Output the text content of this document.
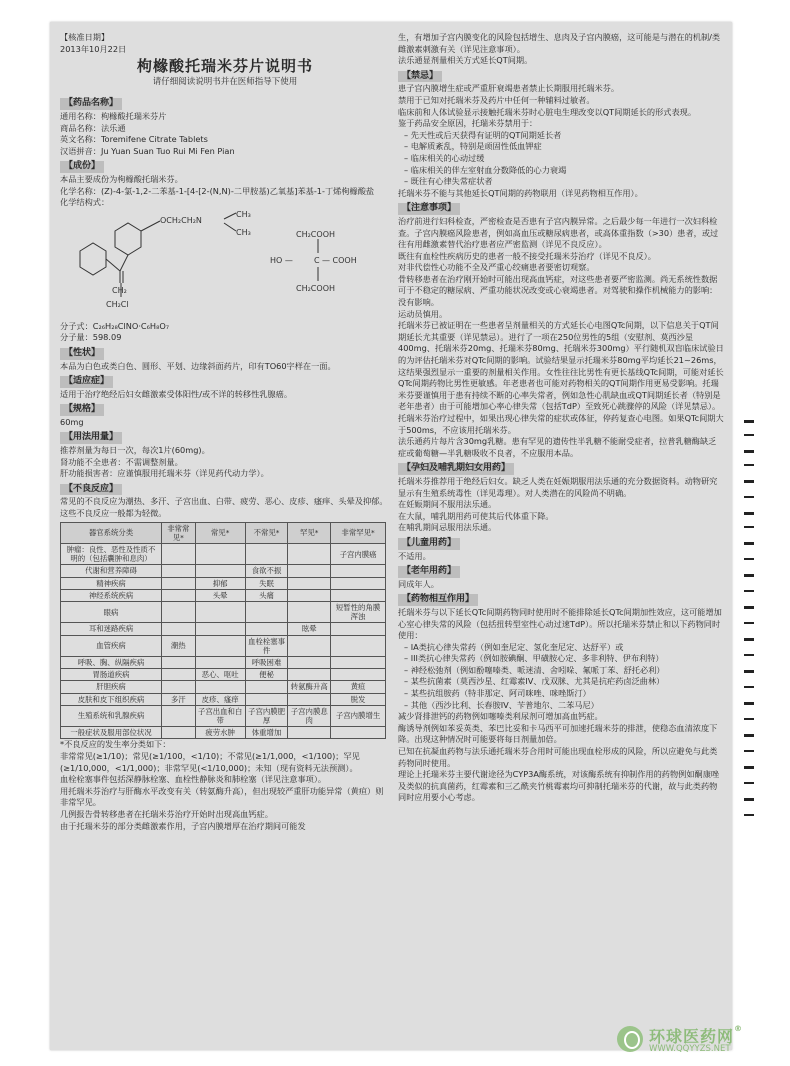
【核准日期】
2013年10月22日
枸橼酸托瑞米芬片说明书
请仔细阅读说明书并在医师指导下使用
【药品名称】
通用名称： 枸橼酸托瑞米芬片
商品名称： 法乐通
英文名称： Toremifene Citrate Tablets
汉语拼音： Ju Yuan Suan Tuo Rui Mi Fen Pian
【成份】
本品主要成份为枸橼酸托瑞米芬。
化学名称： (Z)-4-氯-1,2-二苯基-1-[4-[2-(N,N)-二甲胺基)乙氧基]苯基-1-丁烯枸橼酸盐
化学结构式：
OCH₂CH₂N
CH₃
CH₃
CH₂
CH₂Cl
CH₂COOH
HO —	C — COOH
CH₂COOH
分子式：C₂₆H₂₈ClNO·C₆H₈O₇
分子量：598.09
【性状】
本品为白色或类白色、圆形、平划、边缘斜面药片，印有TO60字样在一面。
【适应症】
适用于治疗绝经后妇女雌激素受体阳性/或不详的转移性乳腺癌。
【规格】
60mg
【用法用量】
推荐剂量为每日一次，每次1片(60mg)。
肾功能不全患者：不需调整剂量。
肝功能损害者：应谨慎服用托瑞米芬（详见药代动力学）。
【不良反应】
常见的不良反应为潮热、多汗、子宫出血、白带、疲劳、恶心、皮疹、瘙痒、头晕及抑郁。这些不良反应一般都为轻微。
器官系统分类	非常常见*	常见*	不常见*	罕见*	非常罕见*
肿瘤：良性、恶性及性质不明的（包括囊肿和息肉）					子宫内膜癌
代谢和营养障碍			食欲不振		
精神疾病		抑郁	失眠		
神经系统疾病		头晕	头痛		
眼病					短暂性的角膜浑浊
耳和迷路疾病				眩晕	
血管疾病	潮热		血栓栓塞事件		
呼吸、胸、纵隔疾病			呼吸困难		
胃肠道疾病		恶心、呕吐	便秘		
肝胆疾病				转氨酶升高	黄疸
皮肤和皮下组织疾病	多汗	皮疹、瘙痒			脱发
生殖系统和乳腺疾病		子宫出血和白带	子宫内膜肥厚	子宫内膜息肉	子宫内膜增生
一般症状及服用部位状况		疲劳水肿	体重增加		
*不良反应的发生率分类如下：
非常常见(≥1/10)；常见(≥1/100，<1/10)；不常见(≥1/1,000，<1/100)；罕见(≥1/10,000，<1/1,000)；非常罕见(<1/10,000)；未知（现有资料无法预测）。
血栓栓塞事件包括深静脉栓塞、血栓性静脉炎和肺栓塞（详见注意事项）。
用托瑞米芬治疗与肝酶水平改变有关（转氨酶升高），但出现较严重肝功能异常（黄疸）则非常罕见。
几例报告骨转移患者在托瑞米芬治疗开始时出现高血钙症。
由于托瑞米芬的部分类雌激素作用，子宫内膜增厚在治疗期间可能发
生，有增加子宫内膜变化的风险包括增生、息肉及子宫内膜癌，这可能是与潜在的机制/类雌激素刺激有关（详见注意事项）。
法乐通显剂量相关方式延长QT间期。
【禁忌】
患子宫内膜增生症或严重肝衰竭患者禁止长期服用托瑞米芬。
禁用于已知对托瑞米芬及药片中任何一种辅料过敏者。
临床前和人体试验显示接触托瑞米芬时心脏电生理改变以QT间期延长的形式表现。
鉴于药品安全原因，托瑞米芬禁用于：
– 先天性或后天获得有证明的QT间期延长者
– 电解质紊乱，特别是顽固性低血钾症
– 临床相关的心动过缓
– 临床相关的伴左室射血分数降低的心力衰竭
– 既往有心律失常症状者
托瑞米芬不能与其他延长QT间期的药物联用（详见药物相互作用）。
【注意事项】
治疗前进行妇科检查，严密检查是否患有子宫内膜异常。之后最少每一年进行一次妇科检查。子宫内膜癌风险患者，例如高血压或糖尿病患者，或高体重指数（>30）患者，或过往有用雌激素替代治疗患者应严密监测（详见不良反应）。
既往有血栓性疾病历史的患者一般不接受托瑞米芬治疗（详见不良反）。
对非代偿性心功能不全及严重心绞痛患者要密切观察。
骨转移患者在治疗刚开始时可能出现高血钙症，对这些患者要严密监测。尚无系统性数据可于不稳定的糖尿病、严重功能状况改变或心衰竭患者。对驾驶和操作机械能力的影响：没有影响。
运动员慎用。
托瑞米芬已被证明在一些患者呈剂量相关的方式延长心电图QTc间期，以下信息关于QT间期延长尤其重要（详见禁忌）。进行了一项在250位男性的5组（安慰剂、莫西沙星400mg、托瑞米芬20mg、托瑞米芬80mg、托瑞米芬300mg）平行随机双盲临床试验日的为评估托瑞米芬对QTc间期的影响。试验结果显示托瑞米芬80mg平均延长21~26ms，这结果强烈显示一重要的剂量相关作用。女性往往比男性有更长基线QTc间期，可能对延长QTc间期药物比男性更敏感。年老患者也可能对药物相关的QT间期作用更易受影响。托瑞米芬要谨慎用于患有持续不断的心率失常者，例如急性心肌缺血或QT间期延长者（特别是老年患者）由于可能增加心率心律失常（包括TdP）至致死心跳骤停的风险（详见禁忌）。
托瑞米芬治疗过程中，如果出现心律失常的症状或体征，停药复查心电图。如果QTc间期大于500ms，不应该用托瑞米芬。
法乐通药片每片含30mg乳糖。患有罕见的遗传性半乳糖不能耐受症者，拉普乳糖酶缺乏症或葡萄糖—半乳糖吸收不良者，不应服用本品。
【孕妇及哺乳期妇女用药】
托瑞米芬推荐用于绝经后妇女。缺乏人类在妊娠期服用法乐通的充分数据资料。动物研究显示有生殖系统毒性（详见毒理）。对人类潜在的风险尚不明确。
在妊娠期间不服用法乐通。
在大鼠，哺乳期用药可使其后代体重下降。
在哺乳期间忌服用法乐通。
【儿童用药】
不适用。
【老年用药】
同成年人。
【药物相互作用】
托瑞米芬与以下延长QTc间期药物同时使用时不能排除延长QTc间期加性效应，这可能增加心室心律失常的风险（包括扭转型室性心动过速TdP）。所以托瑞米芬禁止和以下药物同时使用：
– IA类抗心律失常药（例如奎尼定、氢化奎尼定、达舒平）或
– III类抗心律失常药（例如胺碘酮、甲磺胺心定、多非利特、伊布利特）
– 神经松弛剂（例如酚噻嗪类、哌迷清、舍吲哚、氟哌丁苯、舒托必利）
– 某些抗菌素（莫西沙星、红霉素IV、戊双脒、尤其是抗疟药卤泛曲林）
– 某些抗组胺药（特非那定、阿司咪唑、咪唑斯汀）
– 其他（西沙比利、长春胺IV、苄普地尔、二苯马尼）
减少肾排泄钙的药物例如噻嗪类利尿剂可增加高血钙症。
酶诱导剂例如苯妥英类、苯巴比妥和卡马西平可加速托瑞米芬的排泄，使稳态血清浓度下降。出现这种情况时可能要将每日剂量加倍。
已知在抗凝血药物与法乐通托瑞米芬合用时可能出现血栓形成的风险，所以应避免与此类药物同时使用。
理论上托瑞米芬主要代谢途径为CYP3A酶系统，对该酶系统有抑制作用的药物例如酮康唑及类似的抗真菌药，红霉素和三乙酰夹竹桃霉素均可抑制托瑞米芬的代谢，故与此类药物同时应用要小心考虑。
环球医药网®
WWW.QQYYZS.NET
